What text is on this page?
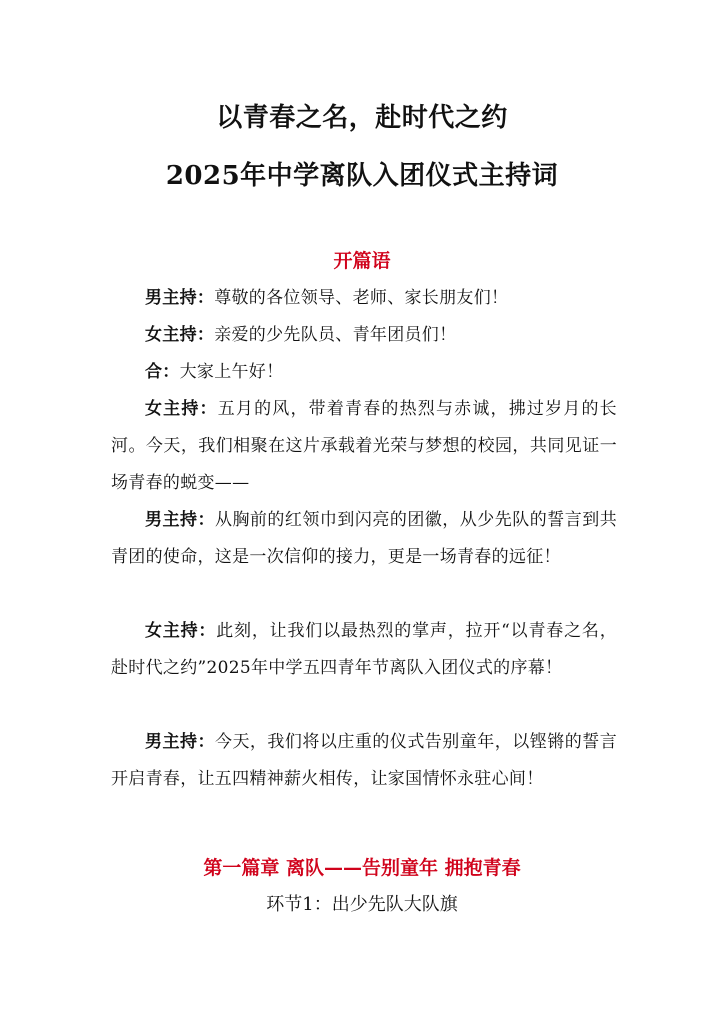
以青春之名，赴时代之约
2025年中学离队入团仪式主持词
开篇语

男主持：尊敬的各位领导、老师、家长朋友们！

女主持：亲爱的少先队员、青年团员们！

合：大家上午好！

女主持：五月的风，带着青春的热烈与赤诚，拂过岁月的长河。今天，我们相聚在这片承载着光荣与梦想的校园，共同见证一场青春的蜕变——

男主持：从胸前的红领巾到闪亮的团徽，从少先队的誓言到共青团的使命，这是一次信仰的接力，更是一场青春的远征！

女主持：此刻，让我们以最热烈的掌声，拉开“以青春之名，赴时代之约”2025年中学五四青年节离队入团仪式的序幕！

男主持：今天，我们将以庄重的仪式告别童年，以铿锵的誓言开启青春，让五四精神薪火相传，让家国情怀永驻心间！

第一篇章 离队——告别童年 拥抱青春
环节1：出少先队大队旗
